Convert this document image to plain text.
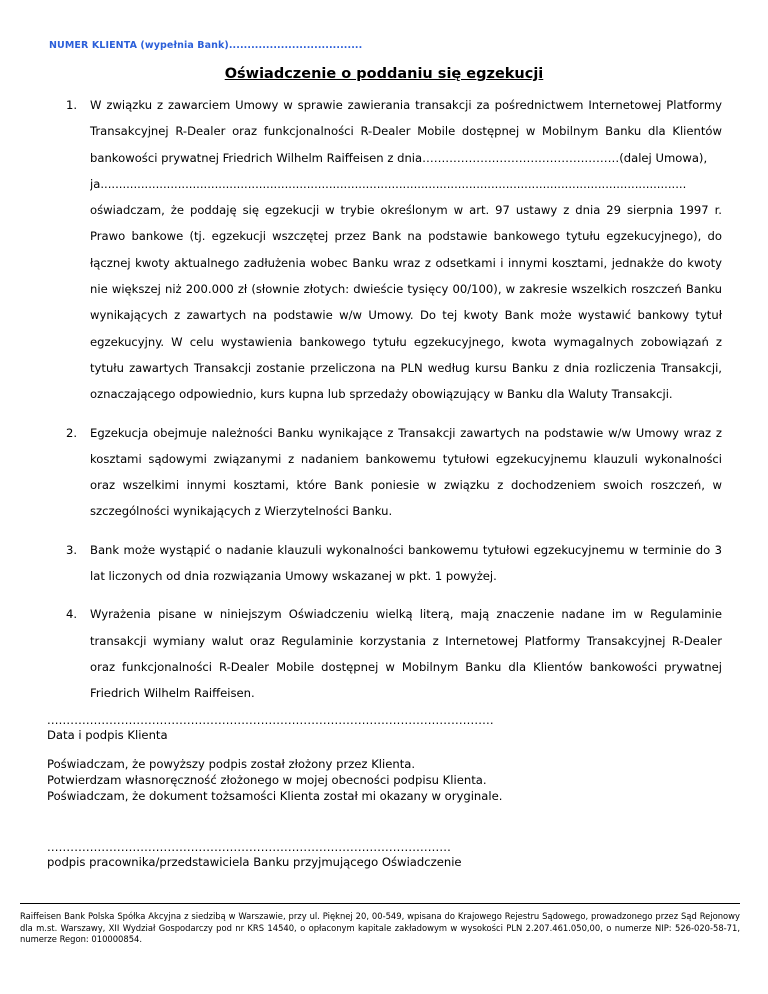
NUMER KLIENTA (wypełnia Bank)....................................
Oświadczenie o poddaniu się egzekucji
1. W związku z zawarciem Umowy w sprawie zawierania transakcji za pośrednictwem Internetowej Platformy Transakcyjnej R-Dealer oraz funkcjonalności R-Dealer Mobile dostępnej w Mobilnym Banku dla Klientów bankowości prywatnej Friedrich Wilhelm Raiffeisen z dnia……………………………………………(dalej Umowa),

ja...............................................................................................................................................................

oświadczam, że poddaję się egzekucji w trybie określonym w art. 97 ustawy z dnia 29 sierpnia 1997 r. Prawo bankowe (tj. egzekucji wszczętej przez Bank na podstawie bankowego tytułu egzekucyjnego), do łącznej kwoty aktualnego zadłużenia wobec Banku wraz z odsetkami i innymi kosztami, jednakże do kwoty nie większej niż 200.000 zł (słownie złotych: dwieście tysięcy 00/100), w zakresie wszelkich roszczeń Banku wynikających z zawartych na podstawie w/w Umowy. Do tej kwoty Bank może wystawić bankowy tytuł egzekucyjny. W celu wystawienia bankowego tytułu egzekucyjnego, kwota wymagalnych zobowiązań z tytułu zawartych Transakcji zostanie przeliczona na PLN według kursu Banku z dnia rozliczenia Transakcji, oznaczającego odpowiednio, kurs kupna lub sprzedaży obowiązujący w Banku dla Waluty Transakcji.

2. Egzekucja obejmuje należności Banku wynikające z Transakcji zawartych na podstawie w/w Umowy wraz z kosztami sądowymi związanymi z nadaniem bankowemu tytułowi egzekucyjnemu klauzuli wykonalności oraz wszelkimi innymi kosztami, które Bank poniesie w związku z dochodzeniem swoich roszczeń, w szczególności wynikających z Wierzytelności Banku.

3. Bank może wystąpić o nadanie klauzuli wykonalności bankowemu tytułowi egzekucyjnemu w terminie do 3 lat liczonych od dnia rozwiązania Umowy wskazanej w pkt. 1 powyżej.

4. Wyrażenia pisane w niniejszym Oświadczeniu wielką literą, mają znaczenie nadane im w Regulaminie transakcji wymiany walut oraz Regulaminie korzystania z Internetowej Platformy Transakcyjnej R-Dealer oraz funkcjonalności R-Dealer Mobile dostępnej w Mobilnym Banku dla Klientów bankowości prywatnej Friedrich Wilhelm Raiffeisen.

...................................................................................................................
Data i podpis Klienta
Poświadczam, że powyższy podpis został złożony przez Klienta.
Potwierdzam własnoręczność złożonego w mojej obecności podpisu Klienta.
Poświadczam, że dokument tożsamości Klienta został mi okazany w oryginale.
........................................................................................................
podpis pracownika/przedstawiciela Banku przyjmującego Oświadczenie
Raiffeisen Bank Polska Spółka Akcyjna z siedzibą w Warszawie, przy ul. Pięknej 20, 00-549, wpisana do Krajowego Rejestru Sądowego, prowadzonego przez Sąd Rejonowy dla m.st. Warszawy, XII Wydział Gospodarczy pod nr KRS 14540, o opłaconym kapitale zakładowym w wysokości PLN 2.207.461.050,00, o numerze NIP: 526-020-58-71, numerze Regon: 010000854.
